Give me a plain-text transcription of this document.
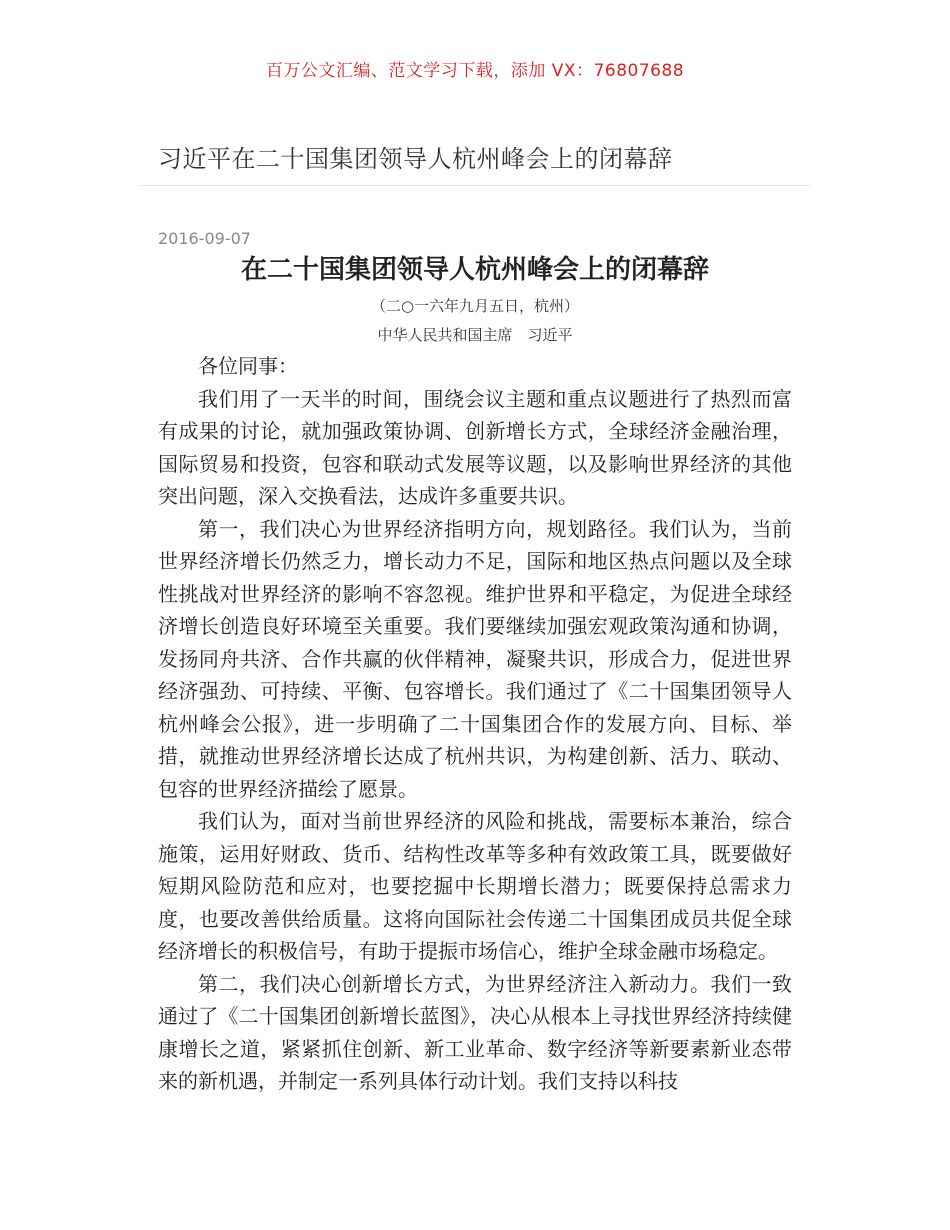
百万公文汇编、范文学习下载，添加 VX：76807688
习近平在二十国集团领导人杭州峰会上的闭幕辞
2016-09-07
在二十国集团领导人杭州峰会上的闭幕辞
（二○一六年九月五日，杭州）
中华人民共和国主席　习近平

各位同事：

我们用了一天半的时间，围绕会议主题和重点议题进行了热烈而富有成果的讨论，就加强政策协调、创新增长方式，全球经济金融治理，国际贸易和投资，包容和联动式发展等议题，以及影响世界经济的其他突出问题，深入交换看法，达成许多重要共识。

第一，我们决心为世界经济指明方向，规划路径。我们认为，当前世界经济增长仍然乏力，增长动力不足，国际和地区热点问题以及全球性挑战对世界经济的影响不容忽视。维护世界和平稳定，为促进全球经济增长创造良好环境至关重要。我们要继续加强宏观政策沟通和协调，发扬同舟共济、合作共赢的伙伴精神，凝聚共识，形成合力，促进世界经济强劲、可持续、平衡、包容增长。我们通过了《二十国集团领导人杭州峰会公报》，进一步明确了二十国集团合作的发展方向、目标、举措，就推动世界经济增长达成了杭州共识，为构建创新、活力、联动、包容的世界经济描绘了愿景。

我们认为，面对当前世界经济的风险和挑战，需要标本兼治，综合施策，运用好财政、货币、结构性改革等多种有效政策工具，既要做好短期风险防范和应对，也要挖掘中长期增长潜力；既要保持总需求力度，也要改善供给质量。这将向国际社会传递二十国集团成员共促全球经济增长的积极信号，有助于提振市场信心，维护全球金融市场稳定。

第二，我们决心创新增长方式，为世界经济注入新动力。我们一致通过了《二十国集团创新增长蓝图》，决心从根本上寻找世界经济持续健康增长之道，紧紧抓住创新、新工业革命、数字经济等新要素新业态带来的新机遇，并制定一系列具体行动计划。我们支持以科技
